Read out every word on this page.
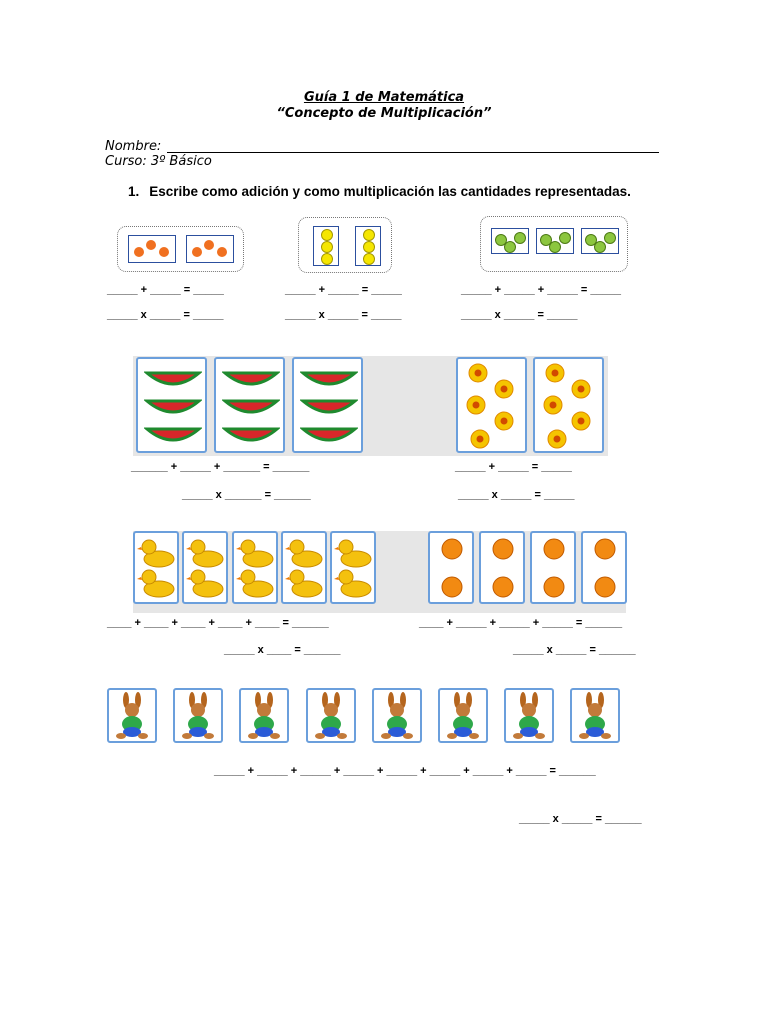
Guía 1 de Matemática
“Concepto de Multiplicación”
Nombre:
Curso: 3º Básico
1. Escribe como adición y como multiplicación las cantidades representadas.
_____ + _____ = _____	_____ + _____ = _____	_____ + _____ + _____ = _____
_____ x _____ = _____	_____ x _____ = _____	_____ x _____ = _____
______ + _____ + ______ = ______	_____ + _____ = _____
_____ x ______ = ______	_____ x _____ = _____
____ + ____ + ____ + ____ + ____ = ______	____ + _____ + _____ + _____ = ______
_____ x ____ = ______	_____ x _____ = ______
_____ + _____ + _____ + _____ + _____ + _____ + _____ + _____ = ______
_____ x _____ = ______
